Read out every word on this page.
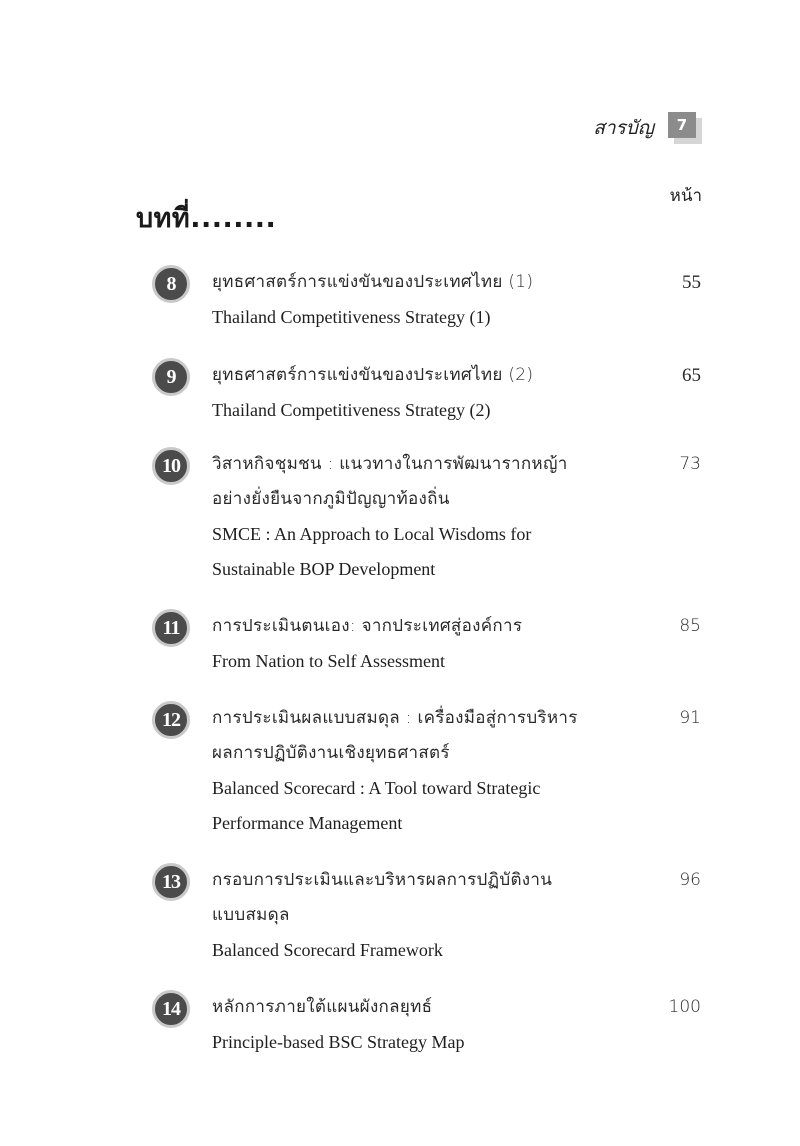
สารบัญ	7
หน้า
บทที่........
8	ยุทธศาสตร์การแข่งขันของประเทศไทย (1)
Thailand Competitiveness Strategy (1)
55
9	ยุทธศาสตร์การแข่งขันของประเทศไทย (2)
Thailand Competitiveness Strategy (2)
65
10	วิสาหกิจชุมชน : แนวทางในการพัฒนารากหญ้า
อย่างยั่งยืนจากภูมิปัญญาท้องถิ่น
SMCE : An Approach to Local Wisdoms for
Sustainable BOP Development
73
11	การประเมินตนเอง: จากประเทศสู่องค์การ
From Nation to Self Assessment
85
12	การประเมินผลแบบสมดุล : เครื่องมือสู่การบริหาร
ผลการปฏิบัติงานเชิงยุทธศาสตร์
Balanced Scorecard : A Tool toward Strategic
Performance Management
91
13	กรอบการประเมินและบริหารผลการปฏิบัติงาน
แบบสมดุล
Balanced Scorecard Framework
96
14	หลักการภายใต้แผนผังกลยุทธ์
Principle-based BSC Strategy Map
100
